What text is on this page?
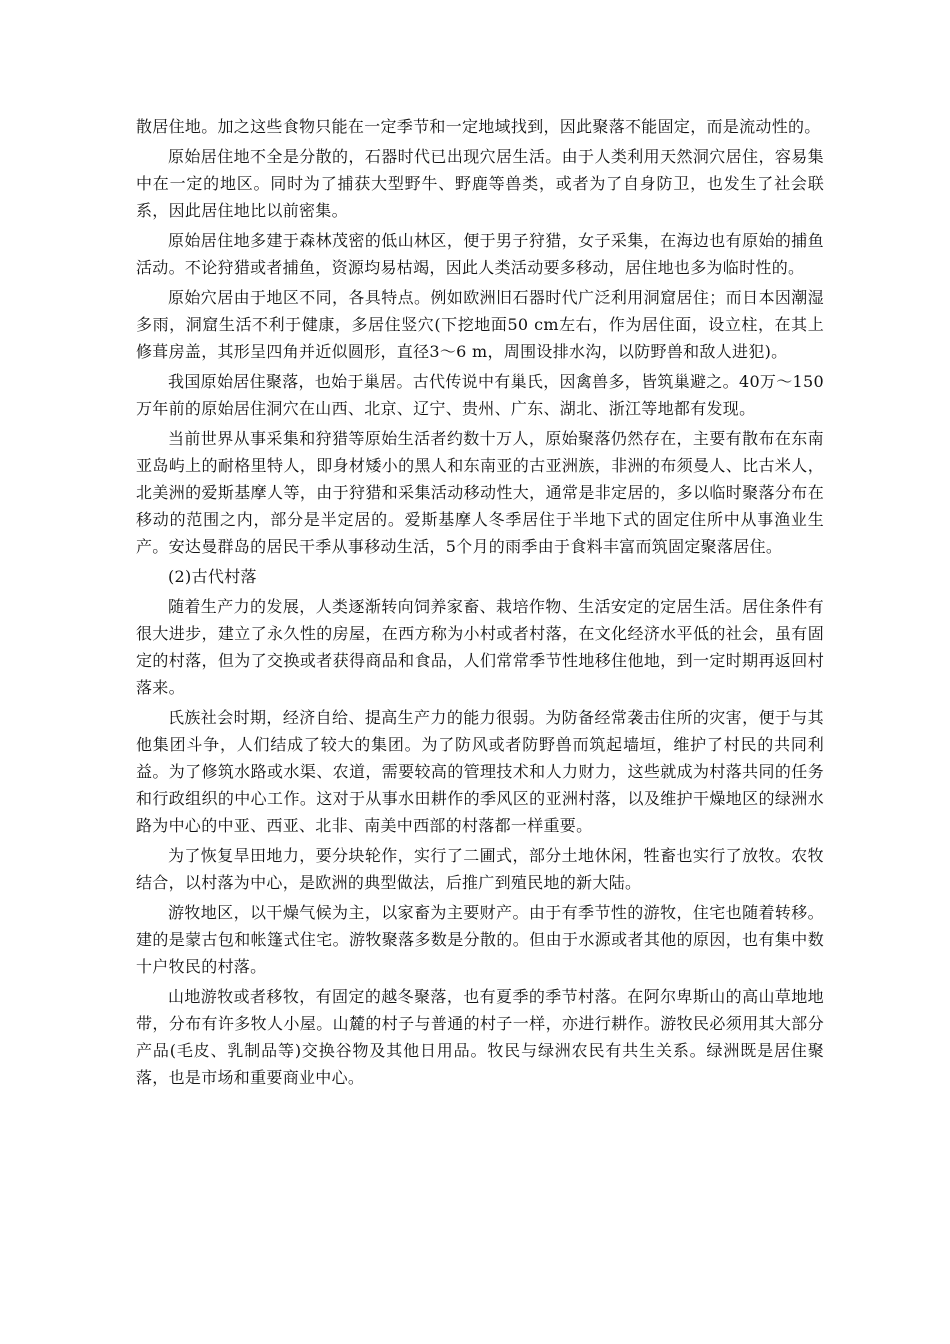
散居住地。加之这些食物只能在一定季节和一定地域找到，因此聚落不能固定，而是流动性的。

原始居住地不全是分散的，石器时代已出现穴居生活。由于人类利用天然洞穴居住，容易集中在一定的地区。同时为了捕获大型野牛、野鹿等兽类，或者为了自身防卫，也发生了社会联系，因此居住地比以前密集。

原始居住地多建于森林茂密的低山林区，便于男子狩猎，女子采集，在海边也有原始的捕鱼活动。不论狩猎或者捕鱼，资源均易枯竭，因此人类活动要多移动，居住地也多为临时性的。

原始穴居由于地区不同，各具特点。例如欧洲旧石器时代广泛利用洞窟居住；而日本因潮湿多雨，洞窟生活不利于健康，多居住竖穴(下挖地面50 cm左右，作为居住面，设立柱，在其上修葺房盖，其形呈四角并近似圆形，直径3～6 m，周围设排水沟，以防野兽和敌人进犯)。

我国原始居住聚落，也始于巢居。古代传说中有巢氏，因禽兽多，皆筑巢避之。40万～150万年前的原始居住洞穴在山西、北京、辽宁、贵州、广东、湖北、浙江等地都有发现。

当前世界从事采集和狩猎等原始生活者约数十万人，原始聚落仍然存在，主要有散布在东南亚岛屿上的耐格里特人，即身材矮小的黑人和东南亚的古亚洲族，非洲的布须曼人、比古米人，北美洲的爱斯基摩人等，由于狩猎和采集活动移动性大，通常是非定居的，多以临时聚落分布在移动的范围之内，部分是半定居的。爱斯基摩人冬季居住于半地下式的固定住所中从事渔业生产。安达曼群岛的居民干季从事移动生活，5个月的雨季由于食料丰富而筑固定聚落居住。

(2)古代村落

随着生产力的发展，人类逐渐转向饲养家畜、栽培作物、生活安定的定居生活。居住条件有很大进步，建立了永久性的房屋，在西方称为小村或者村落，在文化经济水平低的社会，虽有固定的村落，但为了交换或者获得商品和食品，人们常常季节性地移住他地，到一定时期再返回村落来。

氏族社会时期，经济自给、提高生产力的能力很弱。为防备经常袭击住所的灾害，便于与其他集团斗争，人们结成了较大的集团。为了防风或者防野兽而筑起墙垣，维护了村民的共同利益。为了修筑水路或水渠、农道，需要较高的管理技术和人力财力，这些就成为村落共同的任务和行政组织的中心工作。这对于从事水田耕作的季风区的亚洲村落，以及维护干燥地区的绿洲水路为中心的中亚、西亚、北非、南美中西部的村落都一样重要。

为了恢复旱田地力，要分块轮作，实行了二圃式，部分土地休闲，牲畜也实行了放牧。农牧结合，以村落为中心，是欧洲的典型做法，后推广到殖民地的新大陆。

游牧地区，以干燥气候为主，以家畜为主要财产。由于有季节性的游牧，住宅也随着转移。建的是蒙古包和帐篷式住宅。游牧聚落多数是分散的。但由于水源或者其他的原因，也有集中数十户牧民的村落。

山地游牧或者移牧，有固定的越冬聚落，也有夏季的季节村落。在阿尔卑斯山的高山草地地带，分布有许多牧人小屋。山麓的村子与普通的村子一样，亦进行耕作。游牧民必须用其大部分产品(毛皮、乳制品等)交换谷物及其他日用品。牧民与绿洲农民有共生关系。绿洲既是居住聚落，也是市场和重要商业中心。
